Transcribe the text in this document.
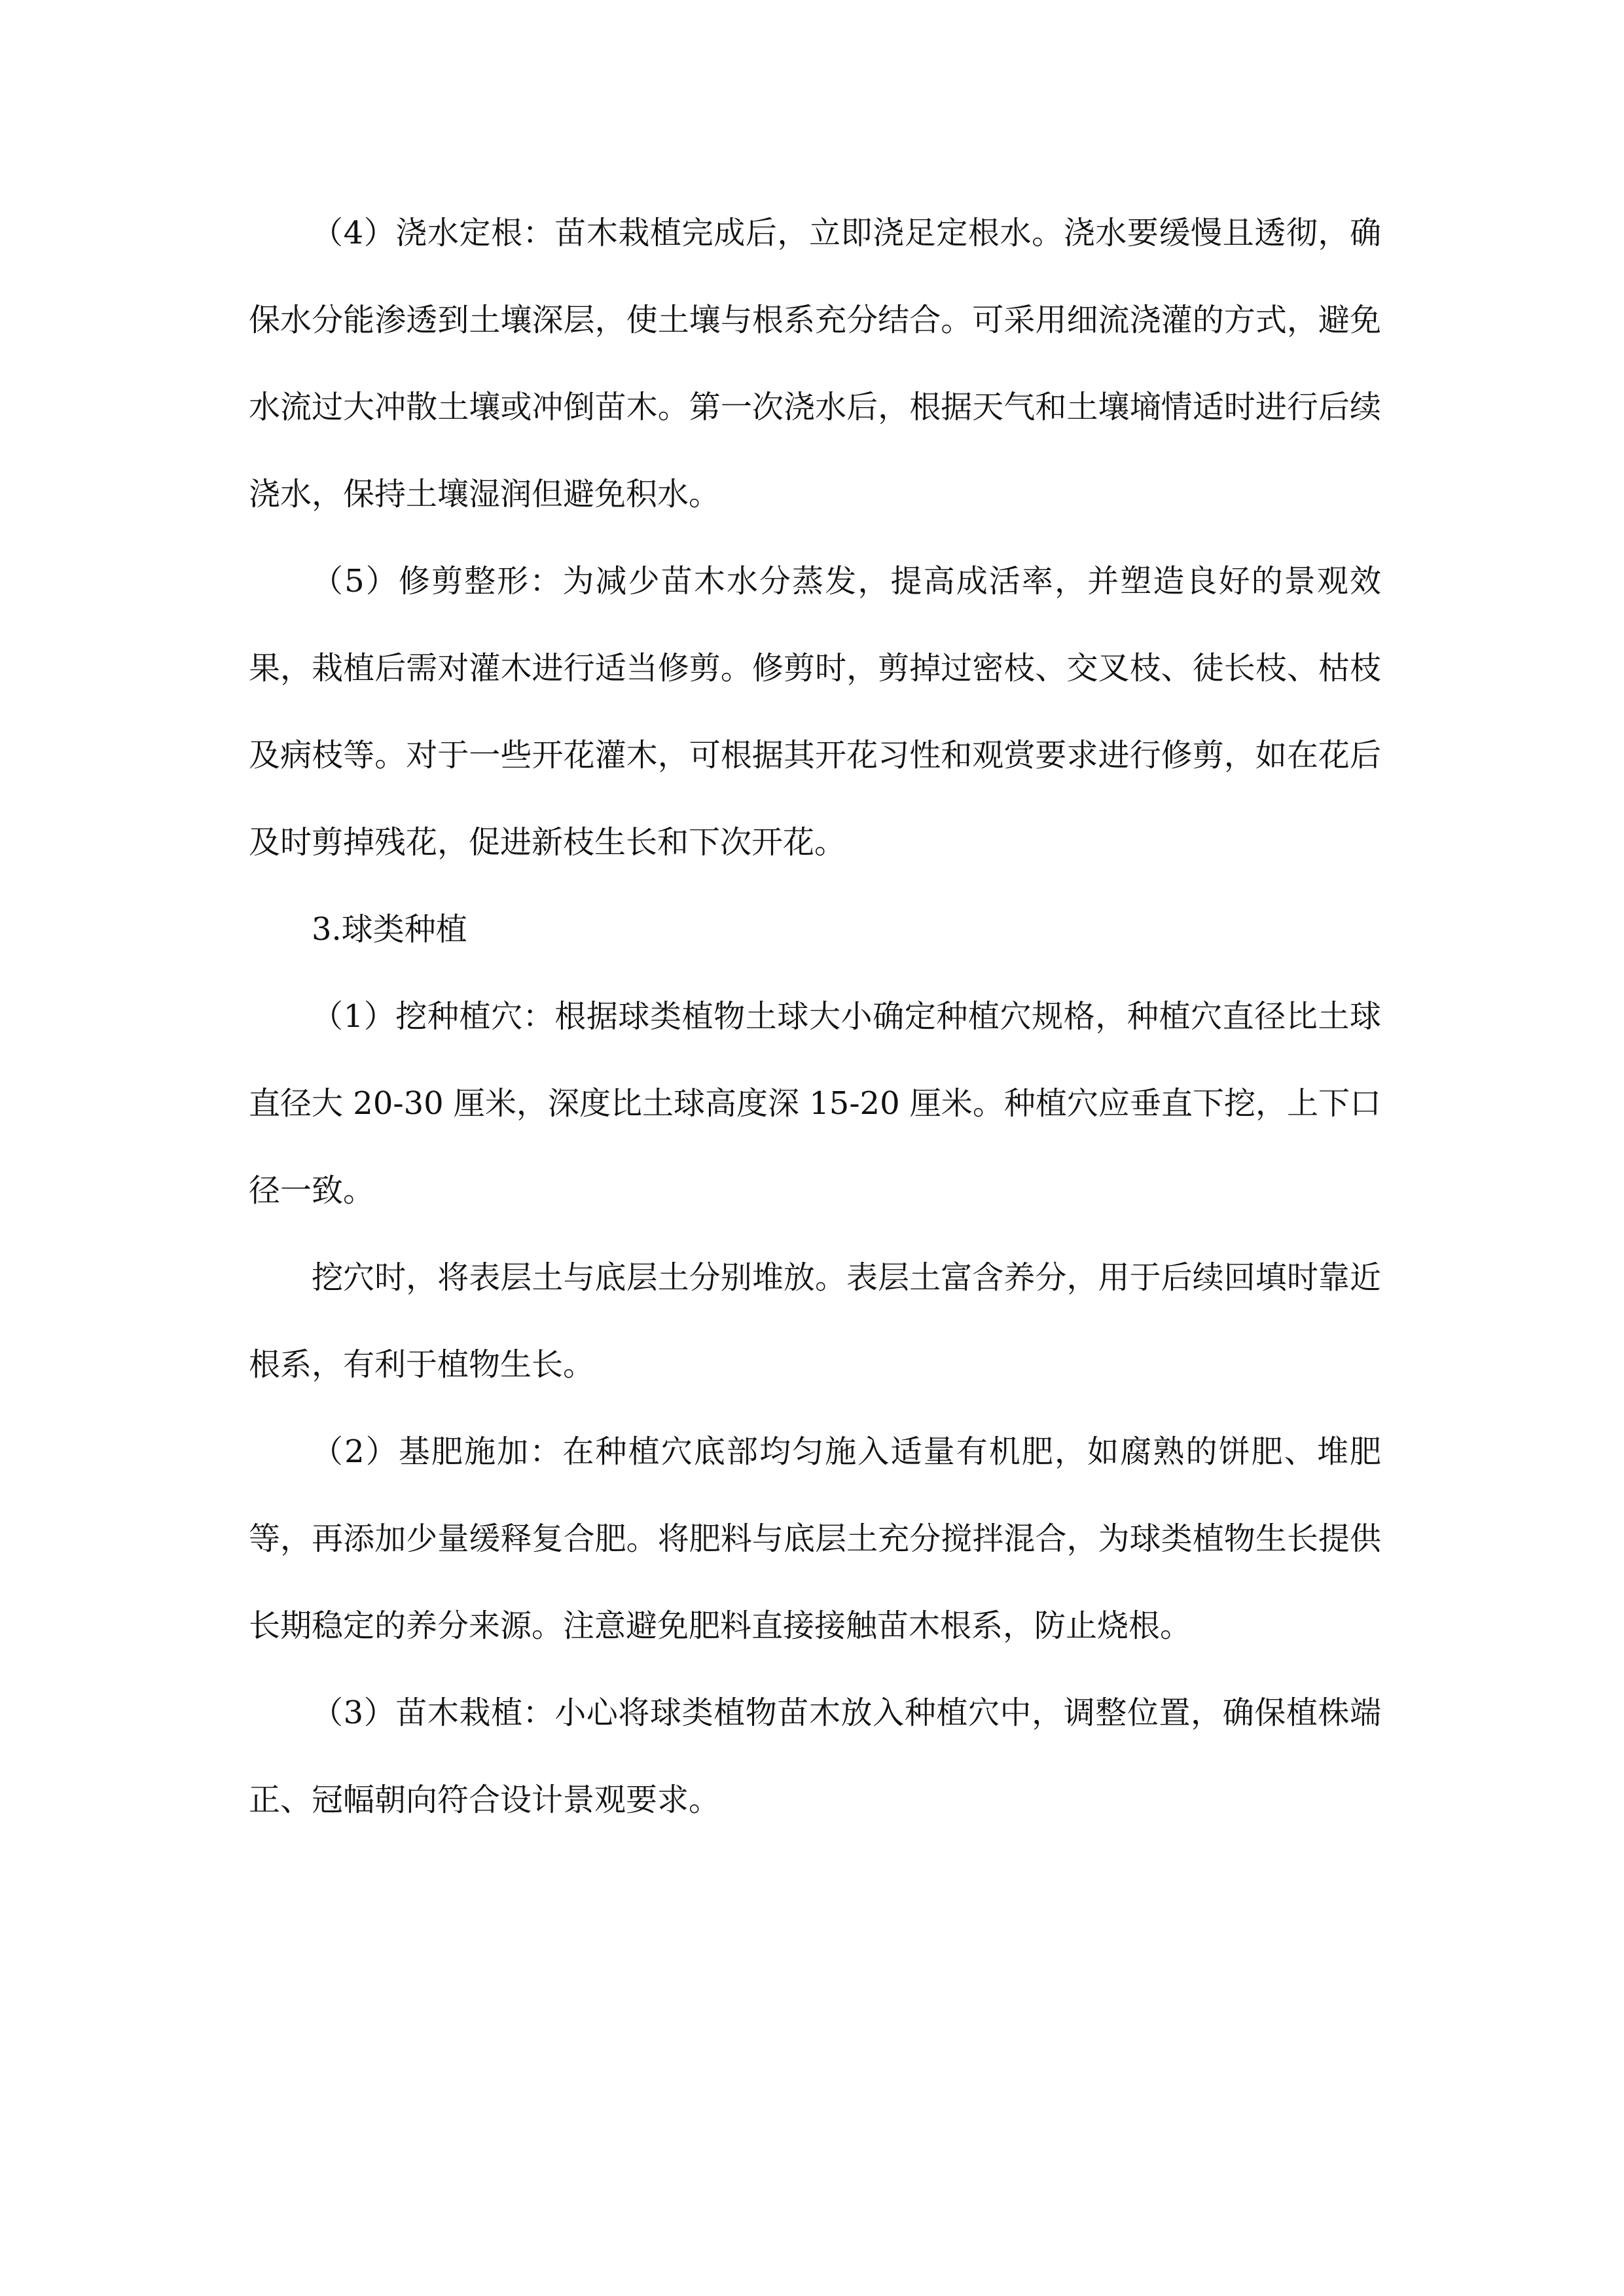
（4）浇水定根：苗木栽植完成后，立即浇足定根水。浇水要缓慢且透彻，确保水分能渗透到土壤深层，使土壤与根系充分结合。可采用细流浇灌的方式，避免水流过大冲散土壤或冲倒苗木。第一次浇水后，根据天气和土壤墒情适时进行后续浇水，保持土壤湿润但避免积水。

（5）修剪整形：为减少苗木水分蒸发，提高成活率，并塑造良好的景观效果，栽植后需对灌木进行适当修剪。修剪时，剪掉过密枝、交叉枝、徒长枝、枯枝及病枝等。对于一些开花灌木，可根据其开花习性和观赏要求进行修剪，如在花后及时剪掉残花，促进新枝生长和下次开花。

3.球类种植

（1）挖种植穴：根据球类植物土球大小确定种植穴规格，种植穴直径比土球直径大 20-30 厘米，深度比土球高度深 15-20 厘米。种植穴应垂直下挖，上下口径一致。

挖穴时，将表层土与底层土分别堆放。表层土富含养分，用于后续回填时靠近根系，有利于植物生长。

（2）基肥施加：在种植穴底部均匀施入适量有机肥，如腐熟的饼肥、堆肥等，再添加少量缓释复合肥。将肥料与底层土充分搅拌混合，为球类植物生长提供长期稳定的养分来源。注意避免肥料直接接触苗木根系，防止烧根。

（3）苗木栽植：小心将球类植物苗木放入种植穴中，调整位置，确保植株端正、冠幅朝向符合设计景观要求。
